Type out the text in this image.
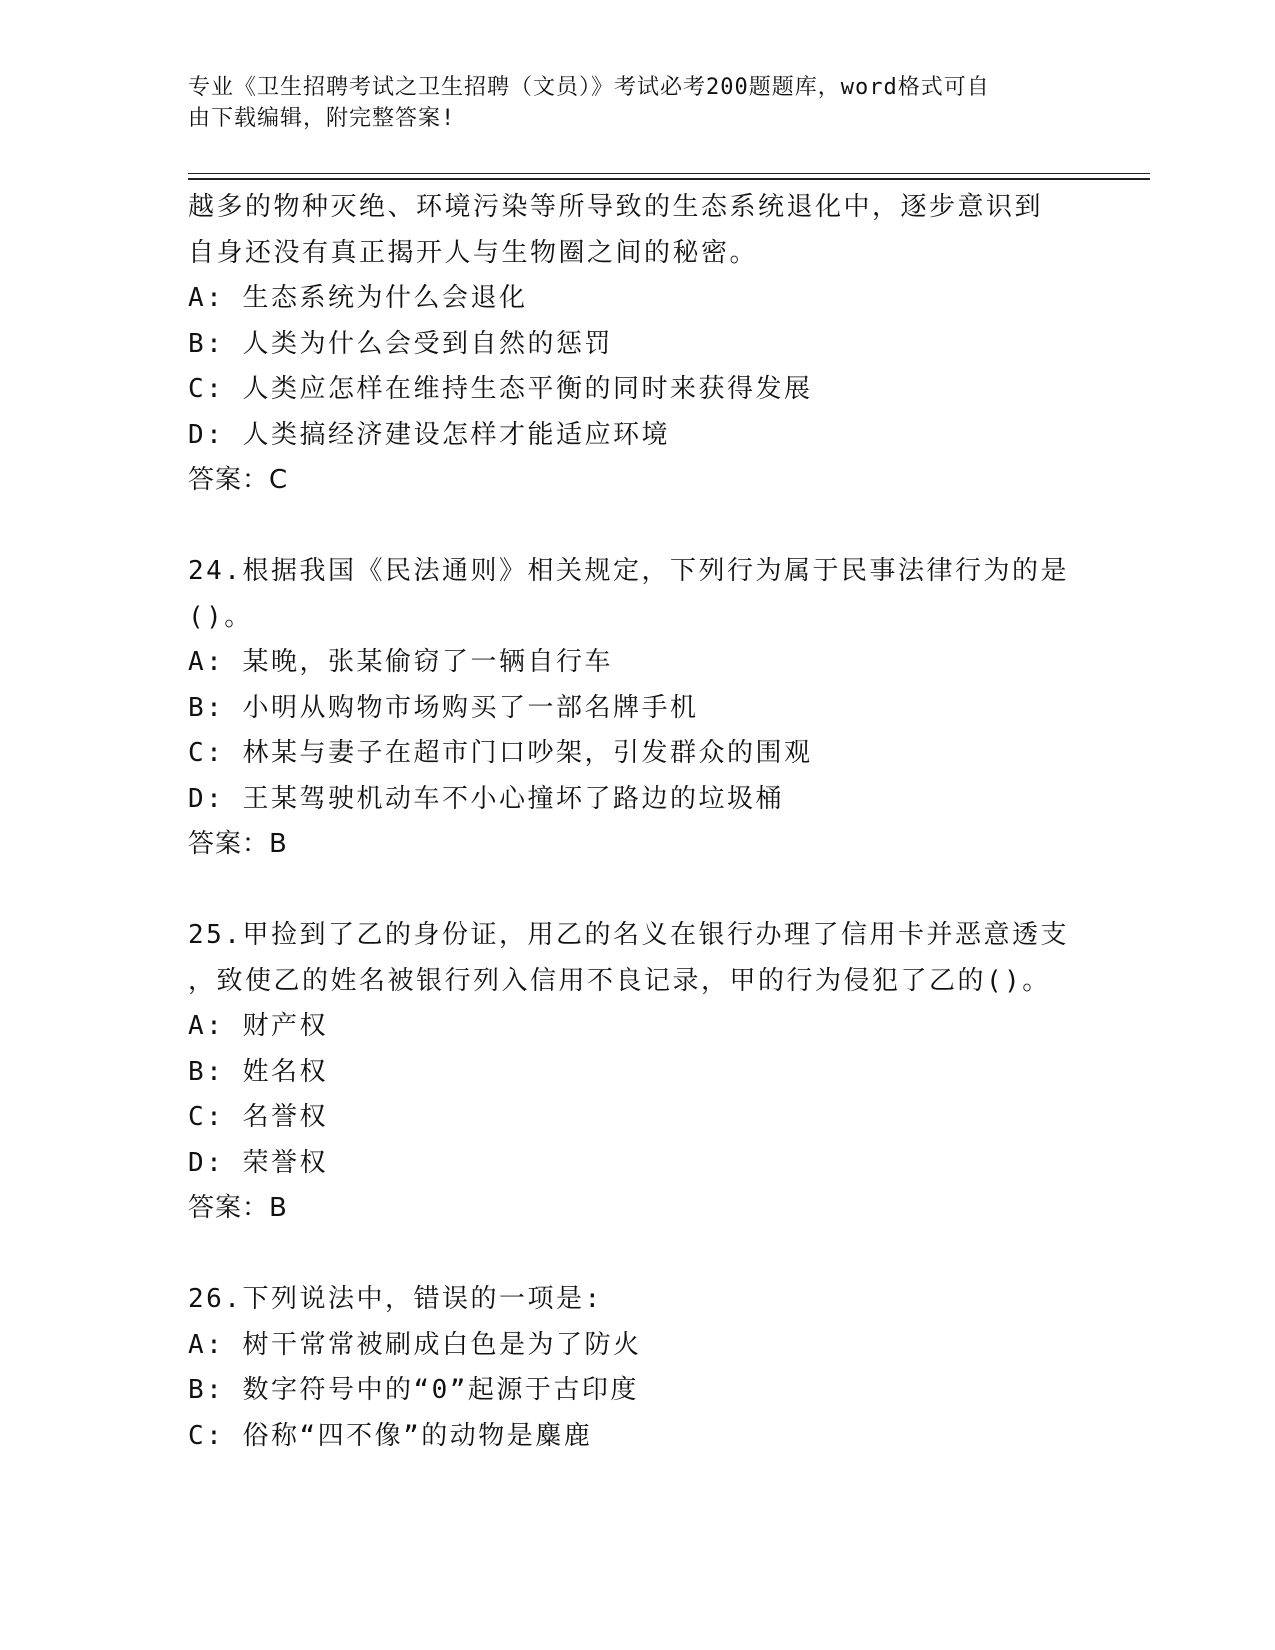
专业《卫生招聘考试之卫生招聘（文员）》考试必考200题题库，word格式可自
由下载编辑，附完整答案!
越多的物种灭绝、环境污染等所导致的生态系统退化中，逐步意识到
自身还没有真正揭开人与生物圈之间的秘密。
A: 生态系统为什么会退化
B: 人类为什么会受到自然的惩罚
C: 人类应怎样在维持生态平衡的同时来获得发展
D: 人类搞经济建设怎样才能适应环境
答案：C
24.根据我国《民法通则》相关规定，下列行为属于民事法律行为的是
()。
A: 某晚，张某偷窃了一辆自行车
B: 小明从购物市场购买了一部名牌手机
C: 林某与妻子在超市门口吵架，引发群众的围观
D: 王某驾驶机动车不小心撞坏了路边的垃圾桶
答案：B
25.甲捡到了乙的身份证，用乙的名义在银行办理了信用卡并恶意透支
，致使乙的姓名被银行列入信用不良记录，甲的行为侵犯了乙的()。
A: 财产权
B: 姓名权
C: 名誉权
D: 荣誉权
答案：B
26.下列说法中，错误的一项是:
A: 树干常常被刷成白色是为了防火
B: 数字符号中的“0”起源于古印度
C: 俗称“四不像”的动物是麋鹿
